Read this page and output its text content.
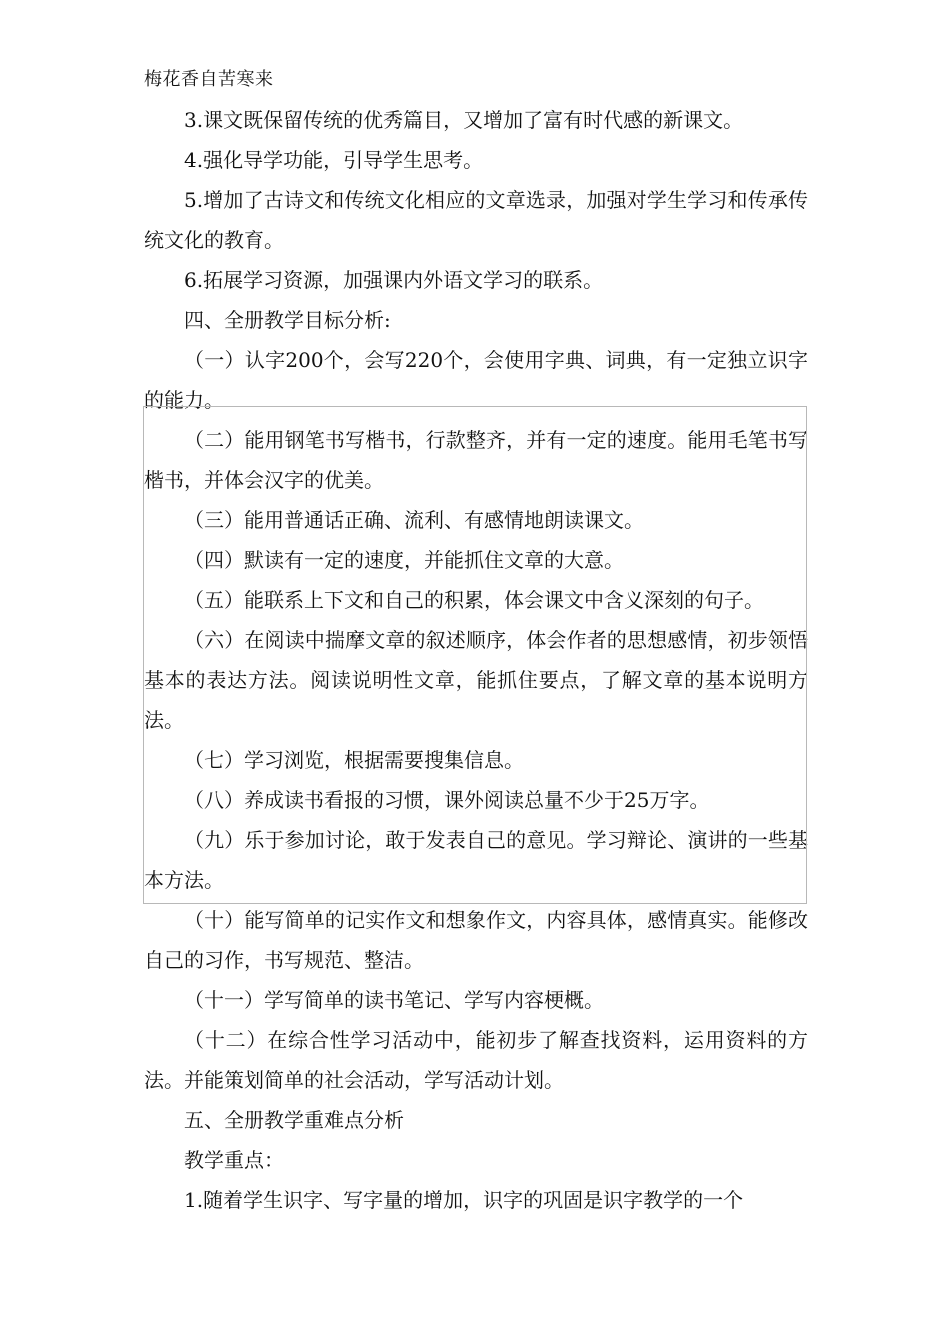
梅花香自苦寒来

3.课文既保留传统的优秀篇目，又增加了富有时代感的新课文。

4.强化导学功能，引导学生思考。

5.增加了古诗文和传统文化相应的文章选录，加强对学生学习和传承传统文化的教育。

6.拓展学习资源，加强课内外语文学习的联系。

四、全册教学目标分析:

（一）认字200个，会写220个，会使用字典、词典，有一定独立识字的能力。

（二）能用钢笔书写楷书，行款整齐，并有一定的速度。能用毛笔书写楷书，并体会汉字的优美。

（三）能用普通话正确、流利、有感情地朗读课文。

（四）默读有一定的速度，并能抓住文章的大意。

（五）能联系上下文和自己的积累，体会课文中含义深刻的句子。

（六）在阅读中揣摩文章的叙述顺序，体会作者的思想感情，初步领悟基本的表达方法。阅读说明性文章，能抓住要点，了解文章的基本说明方法。

（七）学习浏览，根据需要搜集信息。

（八）养成读书看报的习惯，课外阅读总量不少于25万字。

（九）乐于参加讨论，敢于发表自己的意见。学习辩论、演讲的一些基本方法。

（十）能写简单的记实作文和想象作文，内容具体，感情真实。能修改自己的习作，书写规范、整洁。

（十一）学写简单的读书笔记、学写内容梗概。

（十二）在综合性学习活动中，能初步了解查找资料，运用资料的方法。并能策划简单的社会活动，学写活动计划。

五、全册教学重难点分析

教学重点：

1.随着学生识字、写字量的增加，识字的巩固是识字教学的一个
